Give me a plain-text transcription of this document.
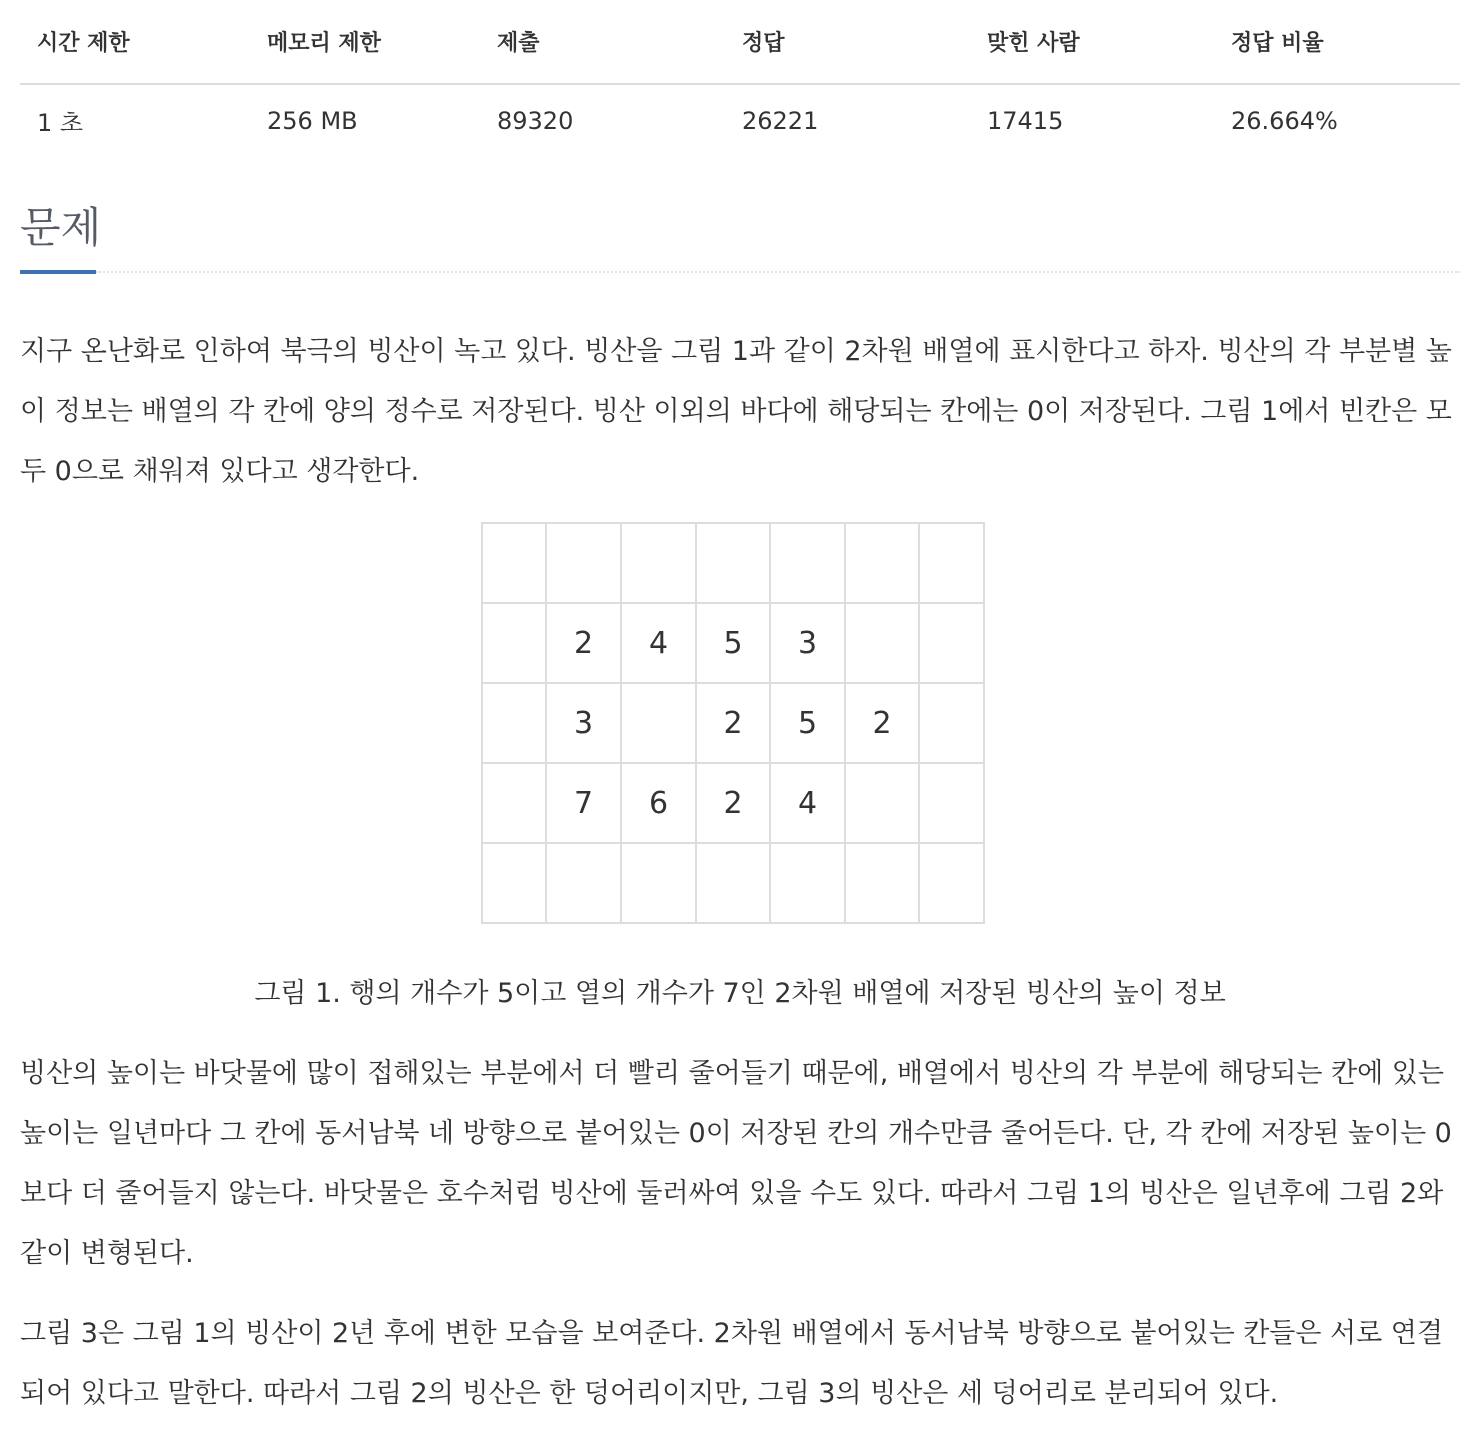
시간 제한	메모리 제한	제출	정답	맞힌 사람	정답 비율
1 초	256 MB	89320	26221	17415	26.664%
문제

지구 온난화로 인하여 북극의 빙산이 녹고 있다. 빙산을 그림 1과 같이 2차원 배열에 표시한다고 하자. 빙산의 각 부분별 높이 정보는 배열의 각 칸에 양의 정수로 저장된다. 빙산 이외의 바다에 해당되는 칸에는 0이 저장된다. 그림 1에서 빈칸은 모두 0으로 채워져 있다고 생각한다.

	2	4	5	3		
	3		2	5	2	
	7	6	2	4		

그림 1. 행의 개수가 5이고 열의 개수가 7인 2차원 배열에 저장된 빙산의 높이 정보

빙산의 높이는 바닷물에 많이 접해있는 부분에서 더 빨리 줄어들기 때문에, 배열에서 빙산의 각 부분에 해당되는 칸에 있는 높이는 일년마다 그 칸에 동서남북 네 방향으로 붙어있는 0이 저장된 칸의 개수만큼 줄어든다. 단, 각 칸에 저장된 높이는 0보다 더 줄어들지 않는다. 바닷물은 호수처럼 빙산에 둘러싸여 있을 수도 있다. 따라서 그림 1의 빙산은 일년후에 그림 2와 같이 변형된다.

그림 3은 그림 1의 빙산이 2년 후에 변한 모습을 보여준다. 2차원 배열에서 동서남북 방향으로 붙어있는 칸들은 서로 연결되어 있다고 말한다. 따라서 그림 2의 빙산은 한 덩어리이지만, 그림 3의 빙산은 세 덩어리로 분리되어 있다.
